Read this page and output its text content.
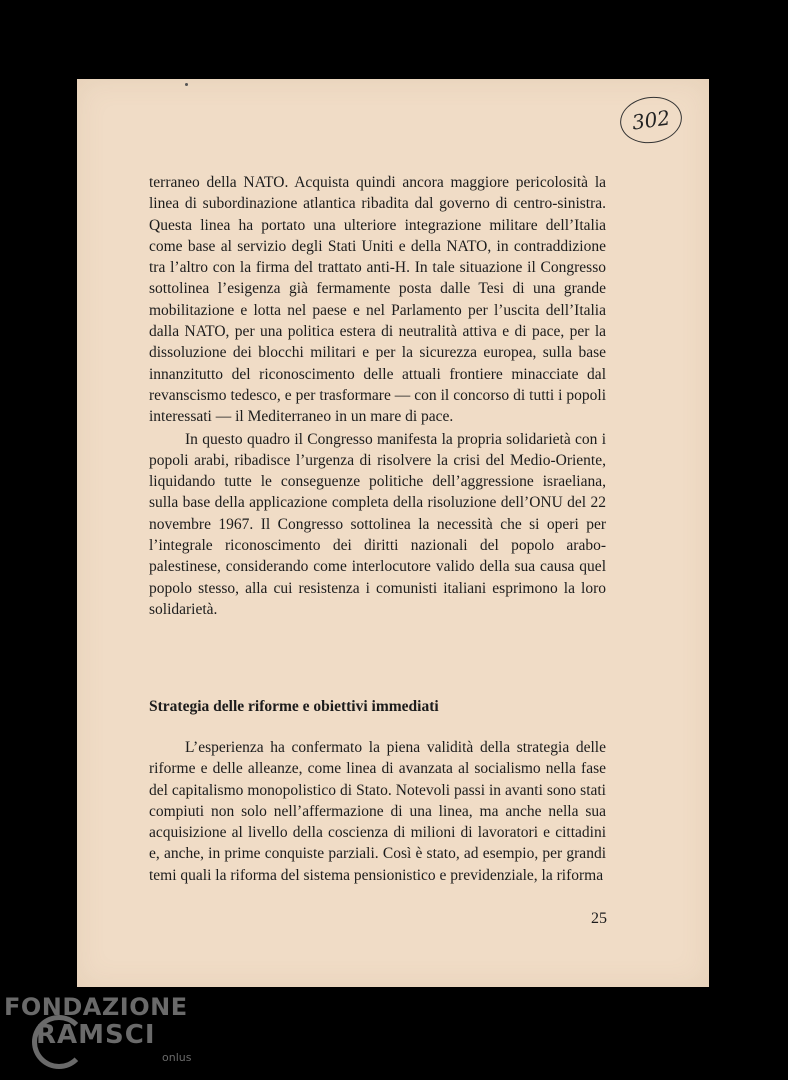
302

terraneo della NATO. Acquista quindi ancora maggiore pericolosità la linea di subordinazione atlantica ribadita dal governo di centro-sinistra. Questa linea ha portato una ulteriore integrazione militare dell’Italia come base al servizio degli Stati Uniti e della NATO, in contraddizione tra l’altro con la firma del trattato anti-H. In tale situazione il Congresso sottolinea l’esigenza già fermamente posta dalle Tesi di una grande mobilitazione e lotta nel paese e nel Parlamento per l’uscita dell’Italia dalla NATO, per una politica estera di neutralità attiva e di pace, per la dissoluzione dei blocchi militari e per la sicurezza europea, sulla base innanzitutto del riconoscimento delle attuali frontiere minacciate dal revanscismo tedesco, e per trasformare — con il concorso di tutti i popoli interessati — il Mediterraneo in un mare di pace.

In questo quadro il Congresso manifesta la propria solidarietà con i popoli arabi, ribadisce l’urgenza di risolvere la crisi del Medio-Oriente, liquidando tutte le conseguenze politiche dell’aggressione israeliana, sulla base della applicazione completa della risoluzione dell’ONU del 22 novembre 1967. Il Congresso sottolinea la necessità che si operi per l’integrale riconoscimento dei diritti nazionali del popolo arabo-palestinese, considerando come interlocutore valido della sua causa quel popolo stesso, alla cui resistenza i comunisti italiani esprimono la loro solidarietà.

Strategia delle riforme e obiettivi immediati
L’esperienza ha confermato la piena validità della strategia delle riforme e delle alleanze, come linea di avanzata al socialismo nella fase del capitalismo monopolistico di Stato. Notevoli passi in avanti sono stati compiuti non solo nell’affermazione di una linea, ma anche nella sua acquisizione al livello della coscienza di milioni di lavoratori e cittadini e, anche, in prime conquiste parziali. Così è stato, ad esempio, per grandi temi quali la riforma del sistema pensionistico e previdenziale, la riforma
25
FONDAZIONE
RAMSCI
onlus
